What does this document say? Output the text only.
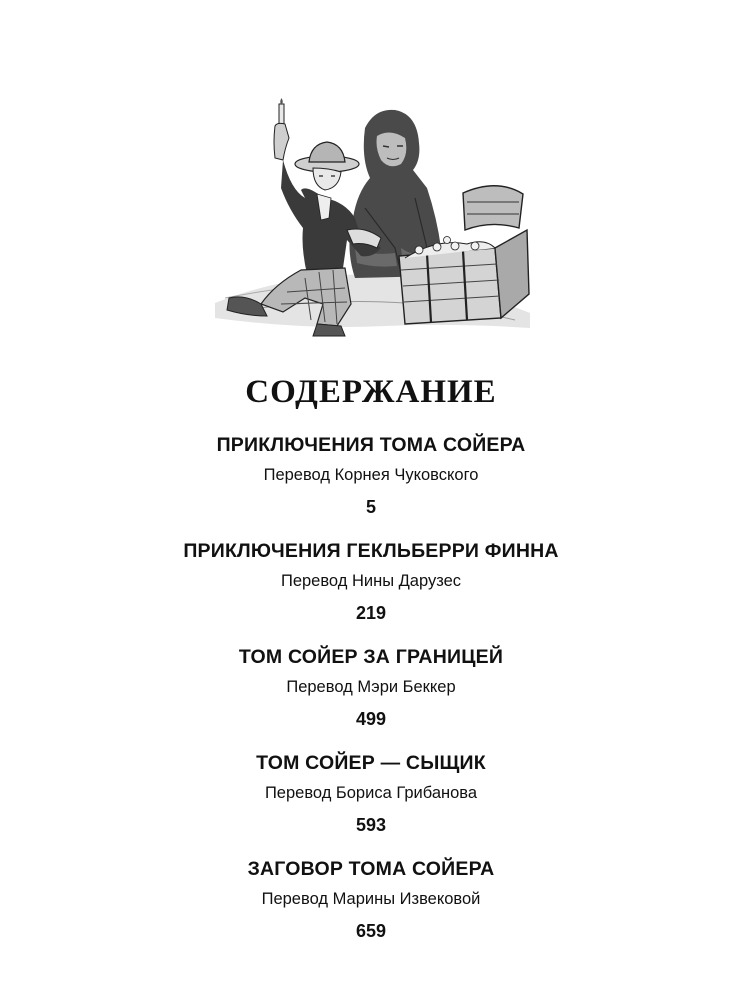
СОДЕРЖАНИЕ
ПРИКЛЮЧЕНИЯ ТОМА СОЙЕРА
Перевод Корнея Чуковского
5
ПРИКЛЮЧЕНИЯ ГЕКЛЬБЕРРИ ФИННА
Перевод Нины Дарузес
219
ТОМ СОЙЕР ЗА ГРАНИЦЕЙ
Перевод Мэри Беккер
499
ТОМ СОЙЕР — СЫЩИК
Перевод Бориса Грибанова
593
ЗАГОВОР ТОМА СОЙЕРА
Перевод Марины Извековой
659
